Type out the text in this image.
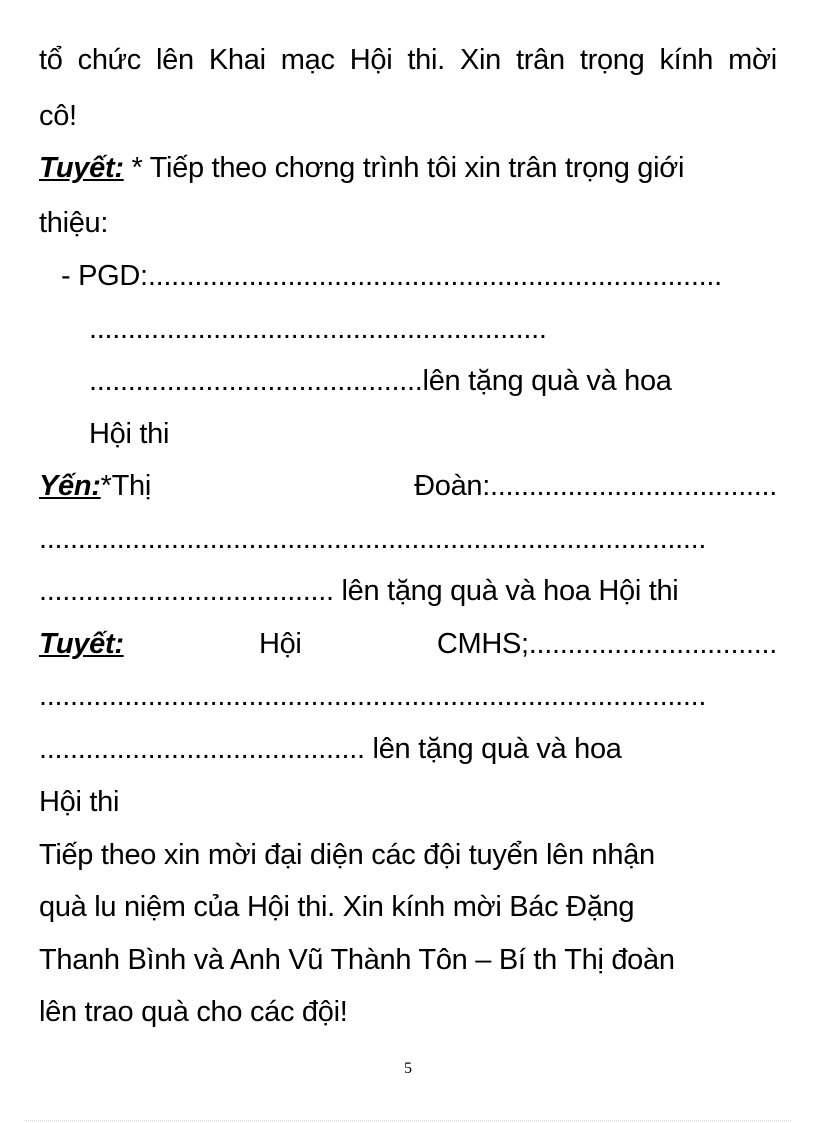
tổ chức lên Khai mạc Hội thi. Xin trân trọng kính mời
cô!
Tuyết: * Tiếp theo chơng trình tôi xin trân trọng giới
thiệu:
- PGD:..........................................................................
...........................................................
...........................................lên tặng quà và hoa
Hội thi
Yến:*Thị	Đoàn:.....................................
......................................................................................
...................................... lên tặng quà và hoa Hội thi
Tuyết:	Hội	CMHS;................................
......................................................................................
.......................................... lên tặng quà và hoa
Hội thi
Tiếp theo xin mời đại diện các đội tuyển lên nhận
quà lu niệm của Hội thi. Xin kính mời Bác Đặng
Thanh Bình và Anh Vũ Thành Tôn – Bí th Thị đoàn
lên trao quà cho các đội!
5
